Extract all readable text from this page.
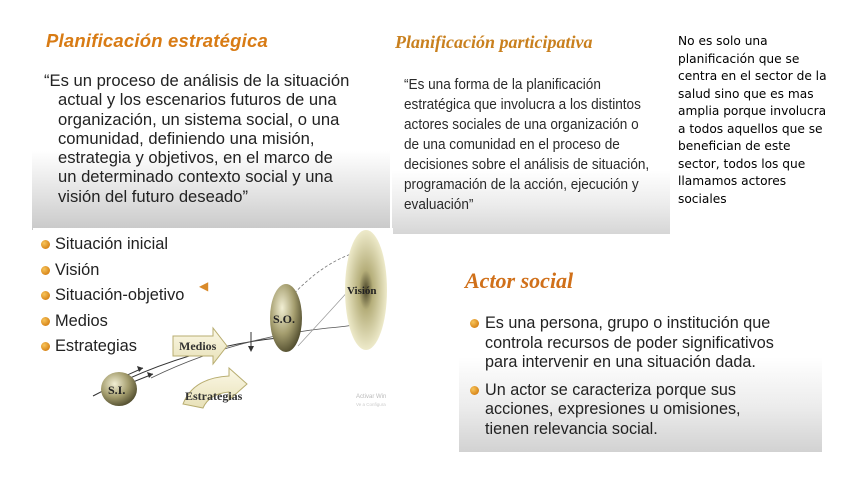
Planificación estratégica
“Es un proceso de análisis de la situación
actual y los escenarios futuros de una
organización, un sistema social, o una
comunidad, definiendo una misión,
estrategia y objetivos, en el marco de
un determinado contexto social y una
visión del futuro deseado”
Planificación participativa
“Es una forma de la planificación
estratégica que involucra a los distintos
actores sociales de una organización o
de una comunidad en el proceso de
decisiones sobre el análisis de situación,
programación de la acción, ejecución y
evaluación”
No es solo una
planificación que se
centra en el sector de la
salud sino que es mas
amplia porque involucra
a todos aquellos que se
benefician de este
sector, todos los que
llamamos actores
sociales
Medios
Estrategias
S.I.
S.O.
Visión
Activar Win
Ve a Configura
Situación inicial
Visión
Situación-objetivo
Medios
Estrategias
◀	Actor social
Es una persona, grupo o institución que
controla recursos de poder significativos
para intervenir en una situación dada.
Un actor se caracteriza porque sus
acciones, expresiones u omisiones,
tienen relevancia social.
